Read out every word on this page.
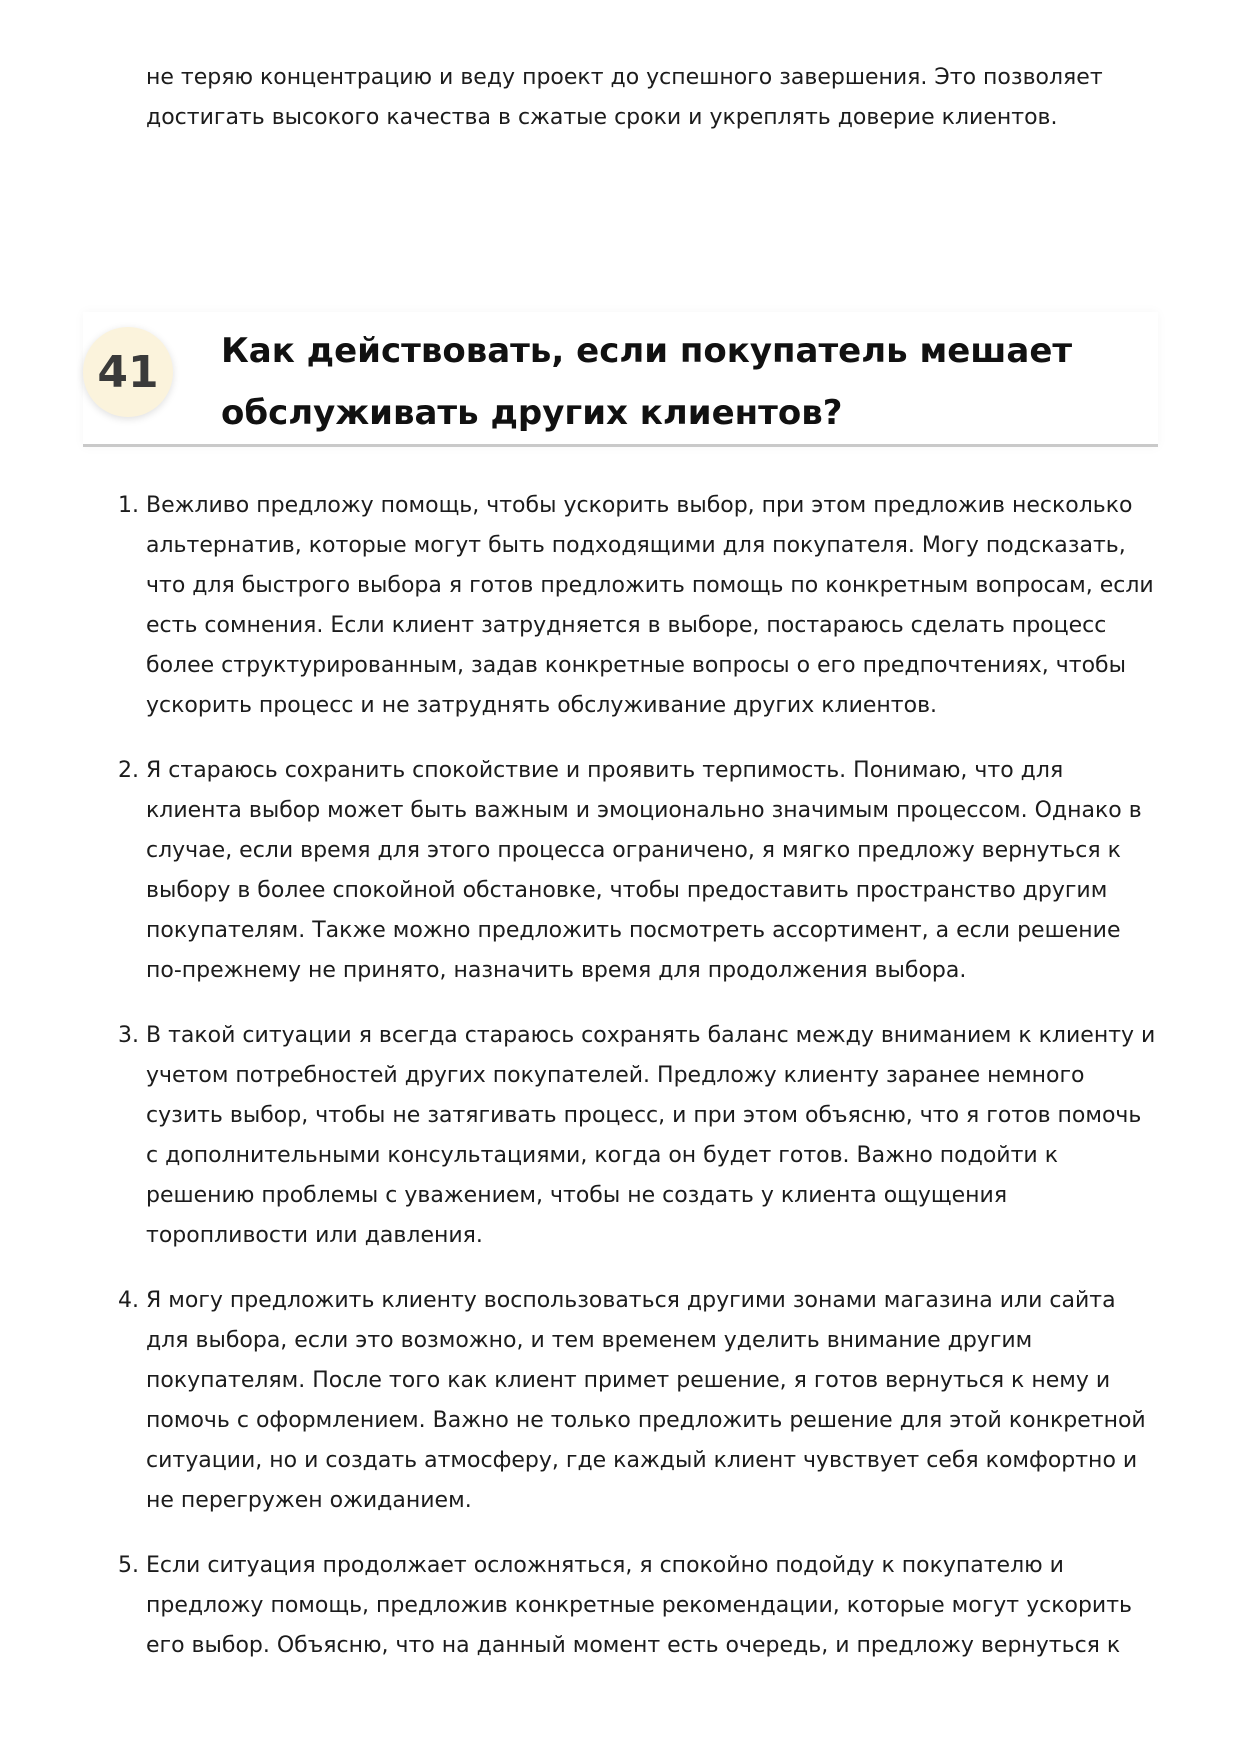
не теряю концентрацию и веду проект до успешного завершения. Это позволяет достигать высокого качества в сжатые сроки и укреплять доверие клиентов.

41	Как действовать, если покупатель мешает обслуживать других клиентов?
1. Вежливо предложу помощь, чтобы ускорить выбор, при этом предложив несколько альтернатив, которые могут быть подходящими для покупателя. Могу подсказать, что для быстрого выбора я готов предложить помощь по конкретным вопросам, если есть сомнения. Если клиент затрудняется в выборе, постараюсь сделать процесс более структурированным, задав конкретные вопросы о его предпочтениях, чтобы ускорить процесс и не затруднять обслуживание других клиентов.
2. Я стараюсь сохранить спокойствие и проявить терпимость. Понимаю, что для клиента выбор может быть важным и эмоционально значимым процессом. Однако в случае, если время для этого процесса ограничено, я мягко предложу вернуться к выбору в более спокойной обстановке, чтобы предоставить пространство другим покупателям. Также можно предложить посмотреть ассортимент, а если решение по-прежнему не принято, назначить время для продолжения выбора.
3. В такой ситуации я всегда стараюсь сохранять баланс между вниманием к клиенту и учетом потребностей других покупателей. Предложу клиенту заранее немного сузить выбор, чтобы не затягивать процесс, и при этом объясню, что я готов помочь с дополнительными консультациями, когда он будет готов. Важно подойти к решению проблемы с уважением, чтобы не создать у клиента ощущения торопливости или давления.
4. Я могу предложить клиенту воспользоваться другими зонами магазина или сайта для выбора, если это возможно, и тем временем уделить внимание другим покупателям. После того как клиент примет решение, я готов вернуться к нему и помочь с оформлением. Важно не только предложить решение для этой конкретной ситуации, но и создать атмосферу, где каждый клиент чувствует себя комфортно и не перегружен ожиданием.
5. Если ситуация продолжает осложняться, я спокойно подойду к покупателю и предложу помощь, предложив конкретные рекомендации, которые могут ускорить его выбор. Объясню, что на данный момент есть очередь, и предложу вернуться к
